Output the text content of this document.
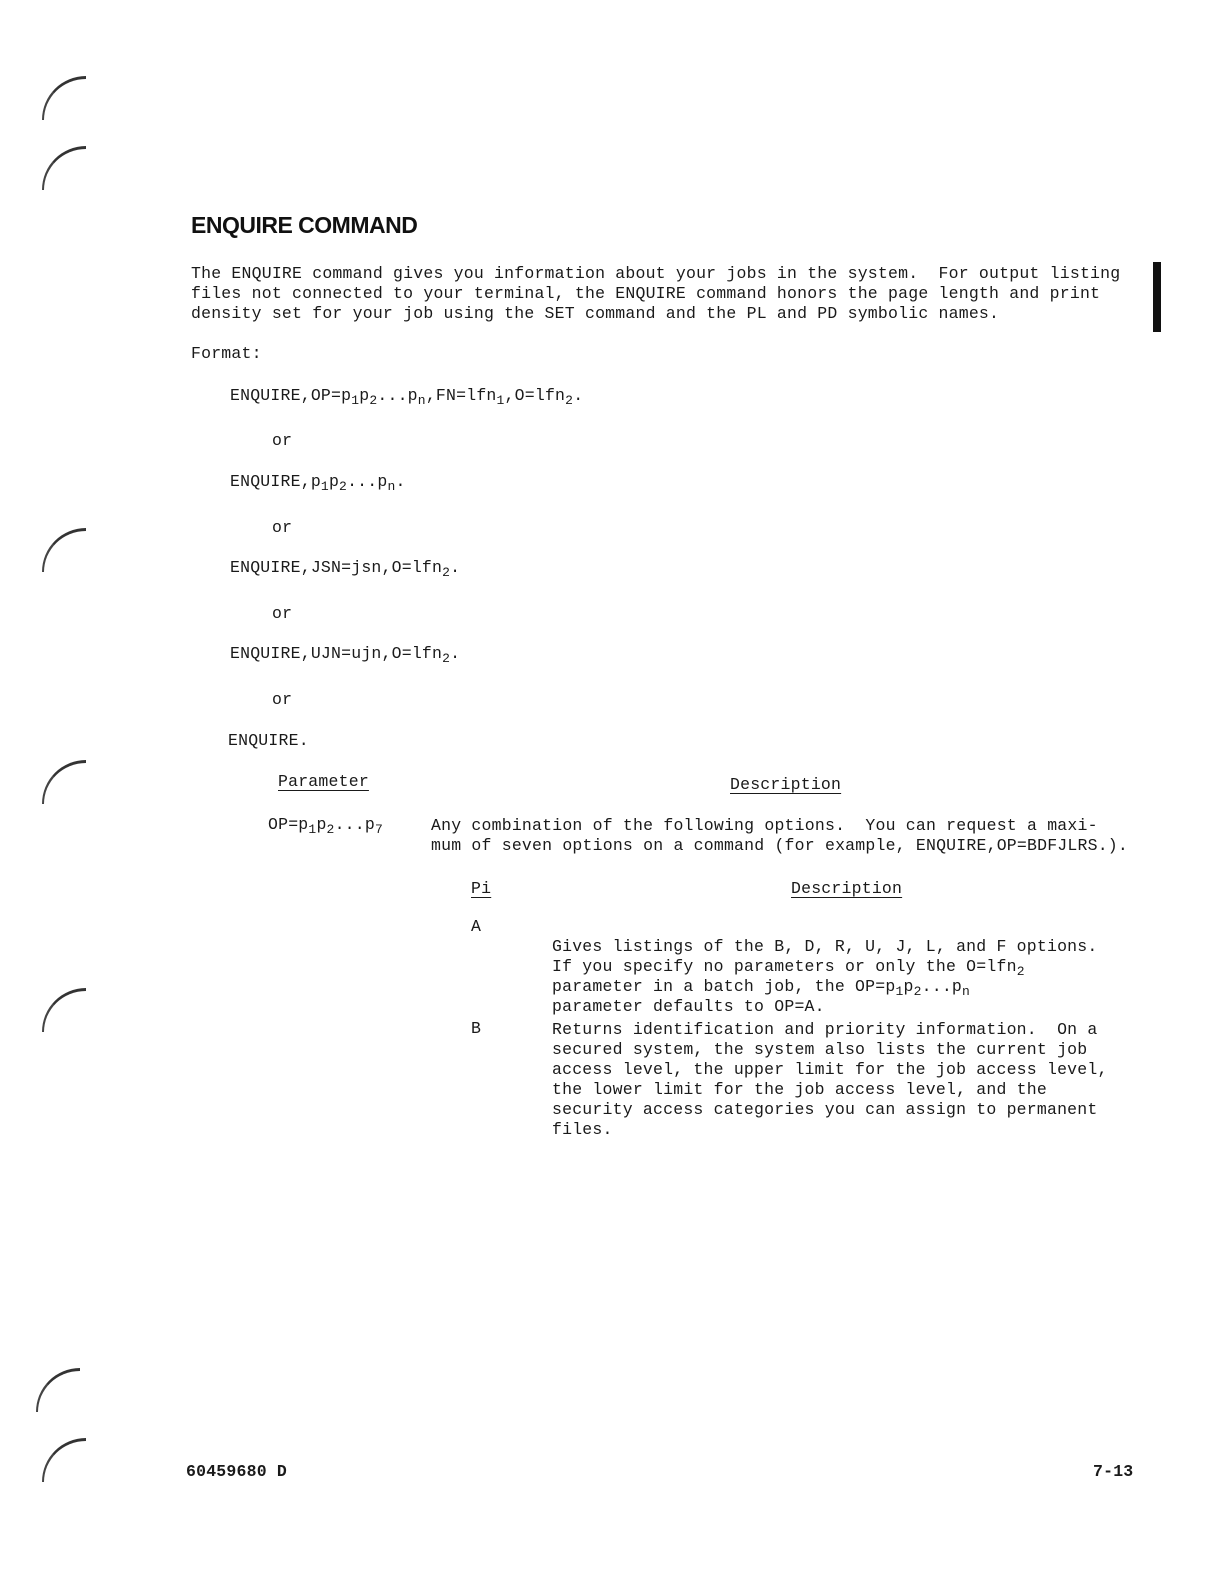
ENQUIRE COMMAND

The ENQUIRE command gives you information about your jobs in the system.  For output listing
files not connected to your terminal, the ENQUIRE command honors the page length and print
density set for your job using the SET command and the PL and PD symbolic names.

Format:
$ENQUIRE,OP=p_1p_2...p_n,FN=lfn_1,O=lfn_2$.
or
$ENQUIRE,p_1p_2...p_n$.
or
ENQUIRE,JSN=jsn,O=lfn$_2$.
or
ENQUIRE,UJN=ujn,O=lfn$_2$.
or
ENQUIRE.
Parameter	Description
$OP=p_1p_2...p_7$	Any combination of the following options.  You can request a maxi-
mum of seven options on a command (for example, ENQUIRE,OP=BDFJLRS.).

Pi	Description
A

Gives listings of the B, D, R, U, J, L, and F options.
If you specify no parameters or only the O=lfn$_2$
parameter in a batch job, the $OP=p_1p_2...p_n$
parameter defaults to OP=A.

B	Returns identification and priority information.  On a
secured system, the system also lists the current job
access level, the upper limit for the job access level,
the lower limit for the job access level, and the
security access categories you can assign to permanent
files.

60459680 D	7-13
